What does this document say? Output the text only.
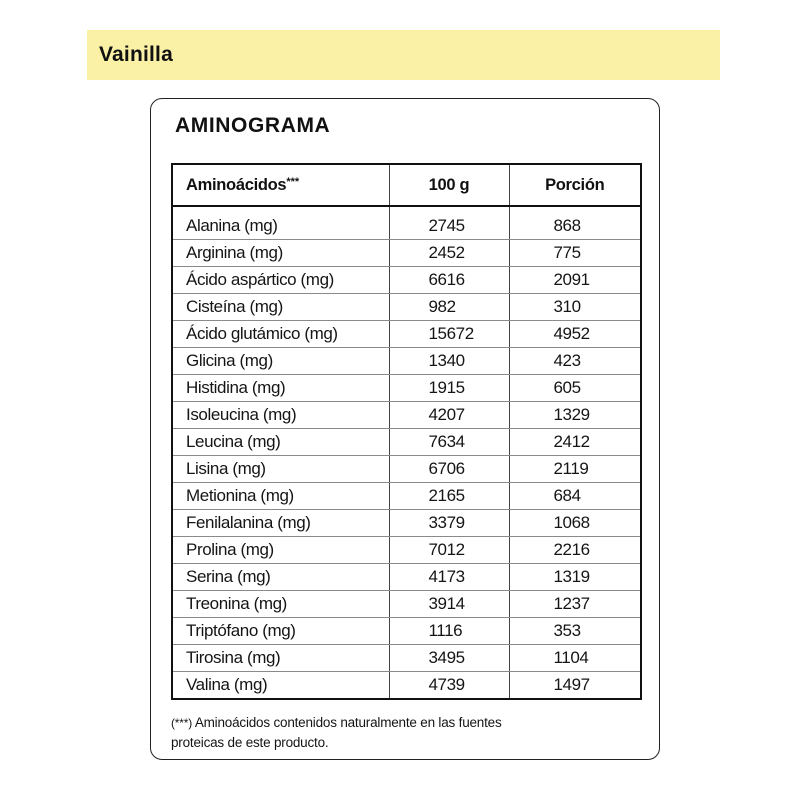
Vainilla
AMINOGRAMA
Aminoácidos***	100 g	Porción

Alanina (mg)	2745	868
Arginina (mg)	2452	775
Ácido aspártico (mg)	6616	2091
Cisteína (mg)	982	310
Ácido glutámico (mg)	15672	4952
Glicina (mg)	1340	423
Histidina (mg)	1915	605
Isoleucina (mg)	4207	1329
Leucina (mg)	7634	2412
Lisina (mg)	6706	2119
Metionina (mg)	2165	684
Fenilalanina (mg)	3379	1068
Prolina (mg)	7012	2216
Serina (mg)	4173	1319
Treonina (mg)	3914	1237
Triptófano (mg)	1116	353
Tirosina (mg)	3495	1104
Valina (mg)	4739	1497
(***) Aminoácidos contenidos naturalmente en las fuentes
proteicas de este producto.
